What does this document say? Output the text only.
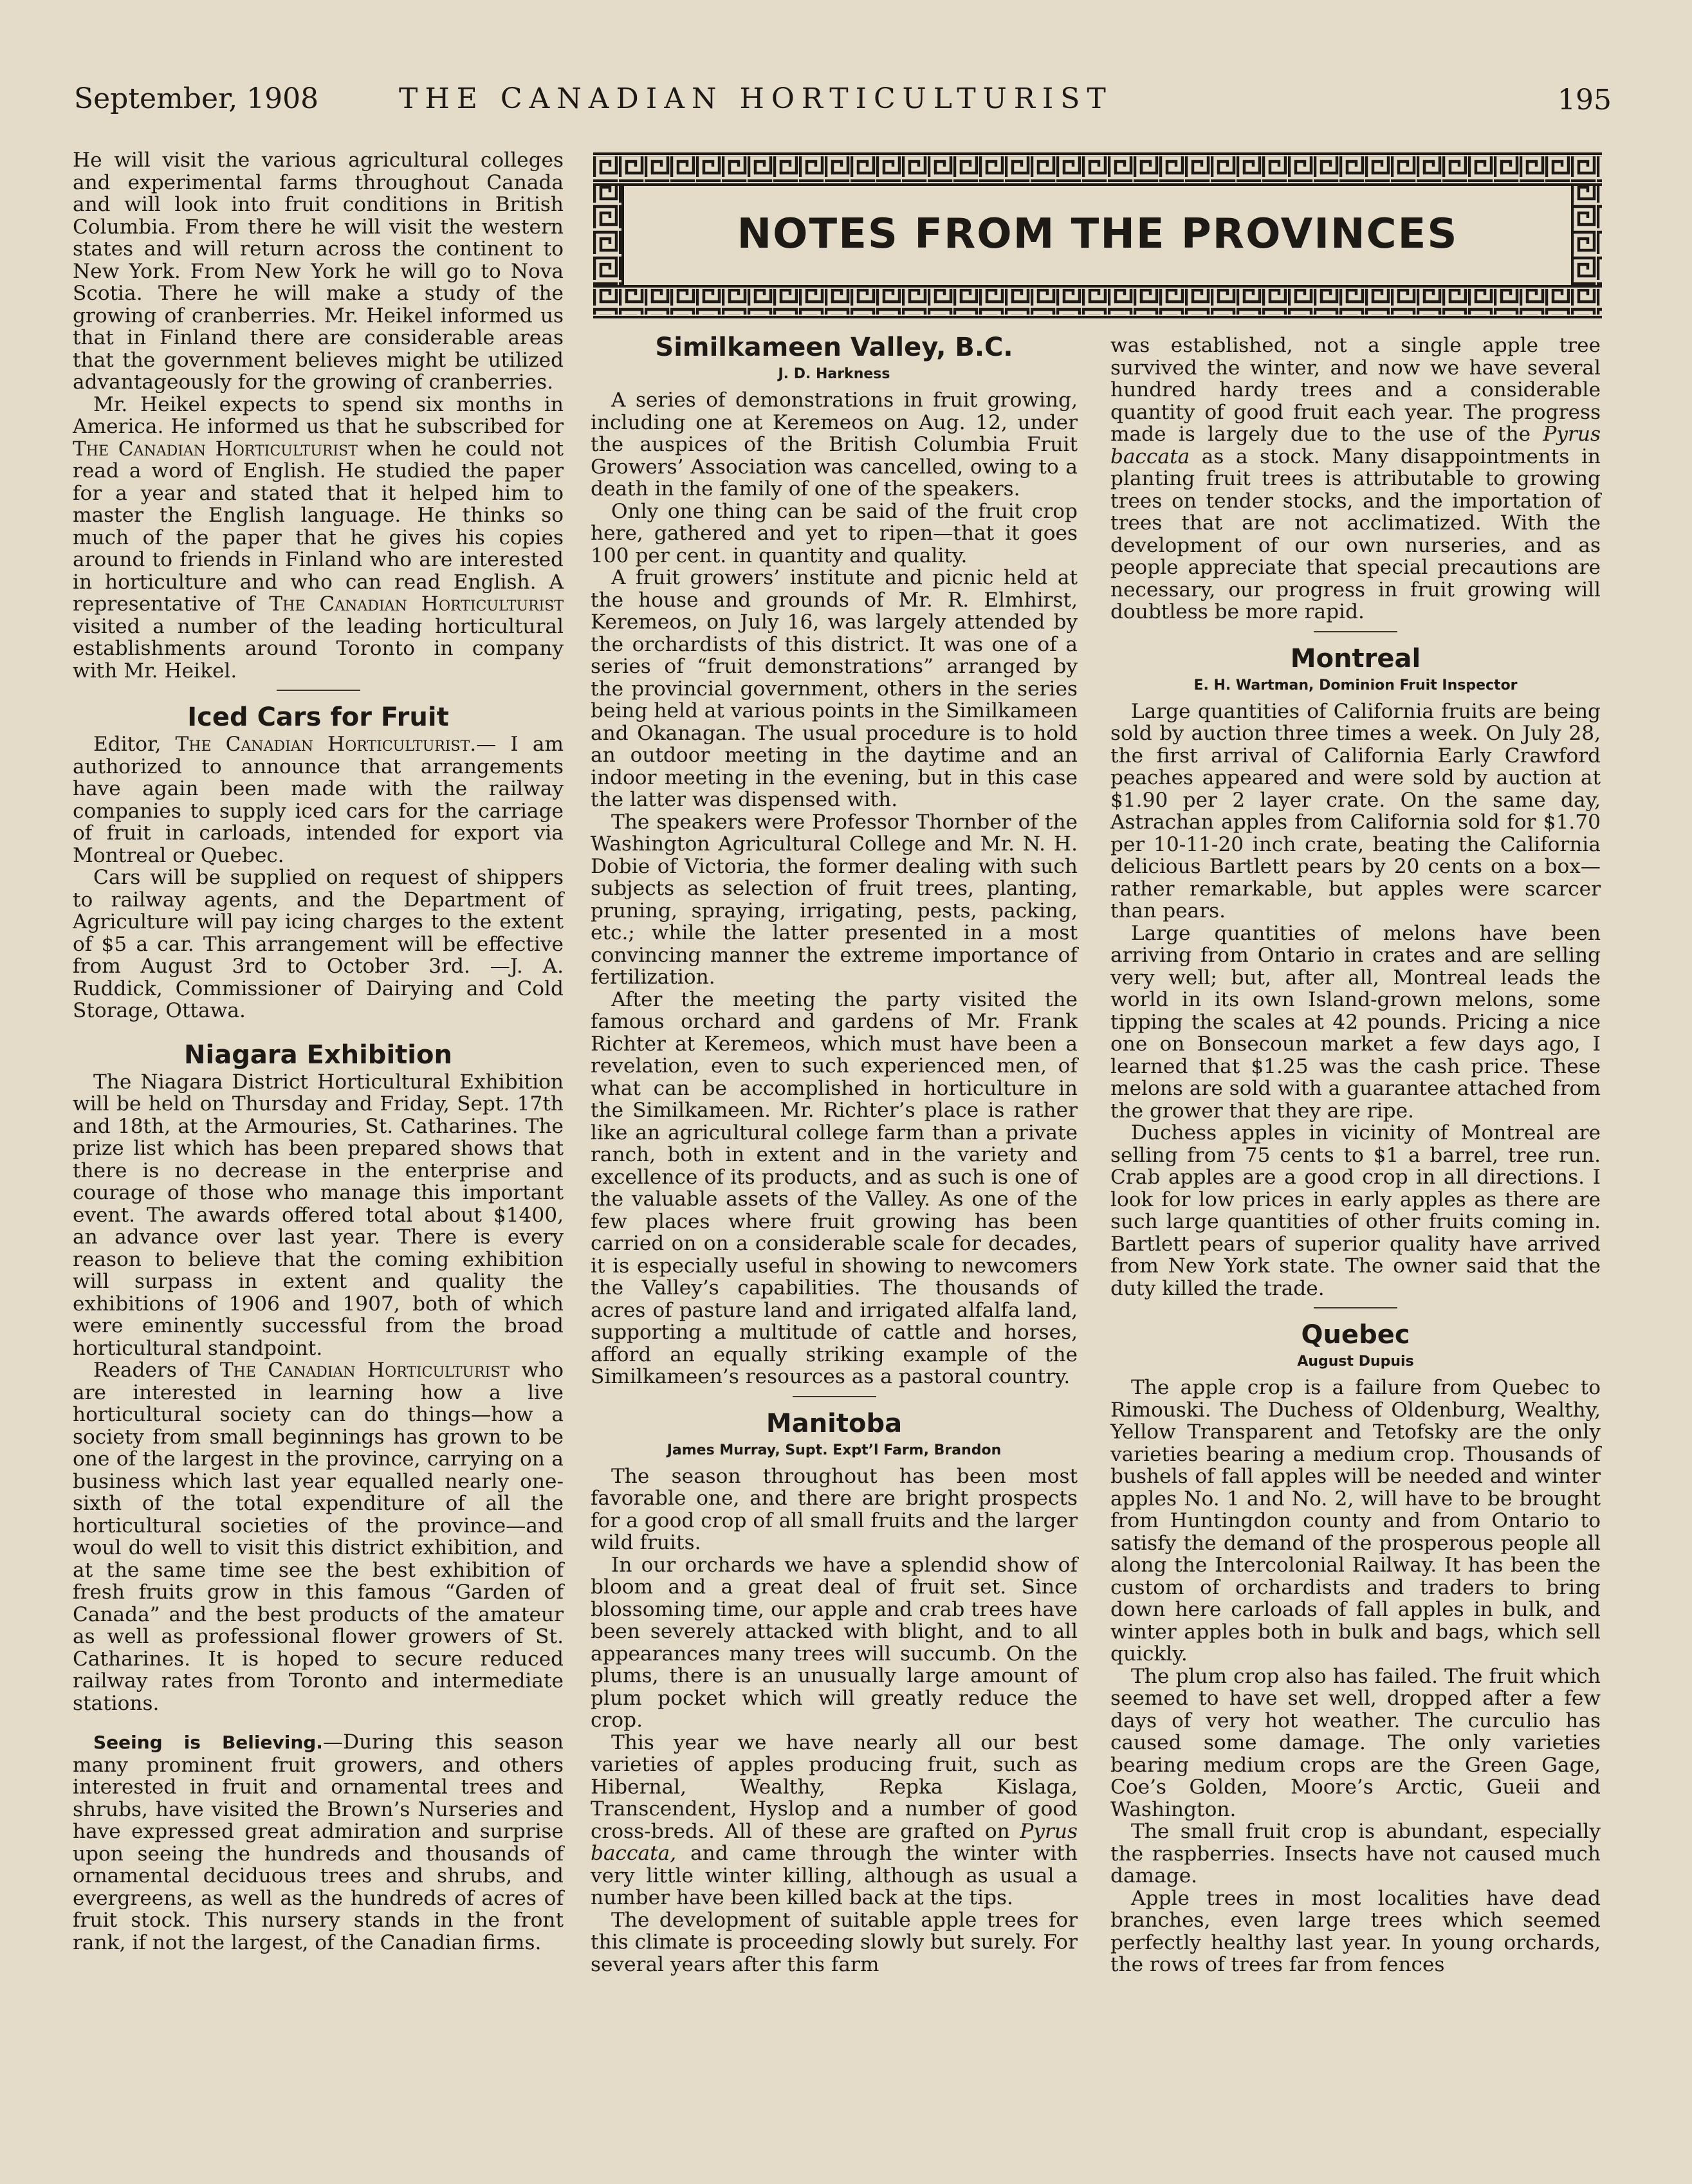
September, 1908	THE CANADIAN HORTICULTURIST	195

He will visit the various agricultural colleges and experimental farms throughout Canada and will look into fruit conditions in British Columbia. From there he will visit the western states and will return across the continent to New York. From New York he will go to Nova Scotia. There he will make a study of the growing of cranberries. Mr. Heikel informed us that in Finland there are considerable areas that the government believes might be utilized advantageously for the growing of cranberries.

Mr. Heikel expects to spend six months in America. He informed us that he subscribed for The Canadian Horticulturist when he could not read a word of English. He studied the paper for a year and stated that it helped him to master the English language. He thinks so much of the paper that he gives his copies around to friends in Finland who are interested in horticulture and who can read English. A representative of The Canadian Horticulturist visited a number of the leading horticultural establishments around Toronto in company with Mr. Heikel.

Iced Cars for Fruit

Editor, The Canadian Horticulturist.— I am authorized to announce that arrangements have again been made with the railway companies to supply iced cars for the carriage of fruit in carloads, intended for export via Montreal or Quebec.

Cars will be supplied on request of shippers to railway agents, and the Department of Agriculture will pay icing charges to the extent of $5 a car. This arrangement will be effective from August 3rd to October 3rd. —J. A. Ruddick, Commissioner of Dairying and Cold Storage, Ottawa.

Niagara Exhibition

The Niagara District Horticultural Exhibition will be held on Thursday and Friday, Sept. 17th and 18th, at the Armouries, St. Catharines. The prize list which has been prepared shows that there is no decrease in the enterprise and courage of those who manage this important event. The awards offered total about $1400, an advance over last year. There is every reason to believe that the coming exhibition will surpass in extent and quality the exhibitions of 1906 and 1907, both of which were eminently successful from the broad horticultural standpoint.

Readers of The Canadian Horticulturist who are interested in learning how a live horticultural society can do things—how a society from small beginnings has grown to be one of the largest in the province, carrying on a business which last year equalled nearly one-sixth of the total expenditure of all the horticultural societies of the province—and woul do well to visit this district exhibition, and at the same time see the best exhibition of fresh fruits grow in this famous “Garden of Canada” and the best products of the amateur as well as professional flower growers of St. Catharines. It is hoped to secure reduced railway rates from Toronto and intermediate stations.

Seeing is Believing.—During this season many prominent fruit growers, and others interested in fruit and ornamental trees and shrubs, have visited the Brown’s Nurseries and have expressed great admiration and surprise upon seeing the hundreds and thousands of ornamental deciduous trees and shrubs, and evergreens, as well as the hundreds of acres of fruit stock. This nursery stands in the front rank, if not the largest, of the Canadian firms.

NOTES FROM THE PROVINCES
Similkameen Valley, B.C.
J. D. Harkness

A series of demonstrations in fruit growing, including one at Keremeos on Aug. 12, under the auspices of the British Columbia Fruit Growers’ Association was cancelled, owing to a death in the family of one of the speakers.

Only one thing can be said of the fruit crop here, gathered and yet to ripen—that it goes 100 per cent. in quantity and quality.

A fruit growers’ institute and picnic held at the house and grounds of Mr. R. Elmhirst, Keremeos, on July 16, was largely attended by the orchardists of this district. It was one of a series of “fruit demonstrations” arranged by the provincial government, others in the series being held at various points in the Similkameen and Okanagan. The usual procedure is to hold an outdoor meeting in the daytime and an indoor meeting in the evening, but in this case the latter was dispensed with.

The speakers were Professor Thornber of the Washington Agricultural College and Mr. N. H. Dobie of Victoria, the former dealing with such subjects as selection of fruit trees, planting, pruning, spraying, irrigating, pests, packing, etc.; while the latter presented in a most convincing manner the extreme importance of fertilization.

After the meeting the party visited the famous orchard and gardens of Mr. Frank Richter at Keremeos, which must have been a revelation, even to such experienced men, of what can be accomplished in horticulture in the Similkameen. Mr. Richter’s place is rather like an agricultural college farm than a private ranch, both in extent and in the variety and excellence of its products, and as such is one of the valuable assets of the Valley. As one of the few places where fruit growing has been carried on on a considerable scale for decades, it is especially useful in showing to newcomers the Valley’s capabilities. The thousands of acres of pasture land and irrigated alfalfa land, supporting a multitude of cattle and horses, afford an equally striking example of the Similkameen’s resources as a pastoral country.

Manitoba
James Murray, Supt. Expt’l Farm, Brandon

The season throughout has been most favorable one, and there are bright prospects for a good crop of all small fruits and the larger wild fruits.

In our orchards we have a splendid show of bloom and a great deal of fruit set. Since blossoming time, our apple and crab trees have been severely attacked with blight, and to all appearances many trees will succumb. On the plums, there is an unusually large amount of plum pocket which will greatly reduce the crop.

This year we have nearly all our best varieties of apples producing fruit, such as Hibernal, Wealthy, Repka Kislaga, Transcendent, Hyslop and a number of good cross-breds. All of these are grafted on Pyrus baccata, and came through the winter with very little winter killing, although as usual a number have been killed back at the tips.

The development of suitable apple trees for this climate is proceeding slowly but surely. For several years after this farm

was established, not a single apple tree survived the winter, and now we have several hundred hardy trees and a considerable quantity of good fruit each year. The progress made is largely due to the use of the Pyrus baccata as a stock. Many disappointments in planting fruit trees is attributable to growing trees on tender stocks, and the importation of trees that are not acclimatized. With the development of our own nurseries, and as people appreciate that special precautions are necessary, our progress in fruit growing will doubtless be more rapid.

Montreal
E. H. Wartman, Dominion Fruit Inspector

Large quantities of California fruits are being sold by auction three times a week. On July 28, the first arrival of California Early Crawford peaches appeared and were sold by auction at $1.90 per 2 layer crate. On the same day, Astrachan apples from California sold for $1.70 per 10-11-20 inch crate, beating the California delicious Bartlett pears by 20 cents on a box—rather remarkable, but apples were scarcer than pears.

Large quantities of melons have been arriving from Ontario in crates and are selling very well; but, after all, Montreal leads the world in its own Island-grown melons, some tipping the scales at 42 pounds. Pricing a nice one on Bonsecoun market a few days ago, I learned that $1.25 was the cash price. These melons are sold with a guarantee attached from the grower that they are ripe.

Duchess apples in vicinity of Montreal are selling from 75 cents to $1 a barrel, tree run. Crab apples are a good crop in all directions. I look for low prices in early apples as there are such large quantities of other fruits coming in. Bartlett pears of superior quality have arrived from New York state. The owner said that the duty killed the trade.

Quebec
August Dupuis

The apple crop is a failure from Quebec to Rimouski. The Duchess of Oldenburg, Wealthy, Yellow Transparent and Tetofsky are the only varieties bearing a medium crop. Thousands of bushels of fall apples will be needed and winter apples No. 1 and No. 2, will have to be brought from Huntingdon county and from Ontario to satisfy the demand of the prosperous people all along the Intercolonial Railway. It has been the custom of orchardists and traders to bring down here carloads of fall apples in bulk, and winter apples both in bulk and bags, which sell quickly.

The plum crop also has failed. The fruit which seemed to have set well, dropped after a few days of very hot weather. The curculio has caused some damage. The only varieties bearing medium crops are the Green Gage, Coe’s Golden, Moore’s Arctic, Gueii and Washington.

The small fruit crop is abundant, especially the raspberries. Insects have not caused much damage.

Apple trees in most localities have dead branches, even large trees which seemed perfectly healthy last year. In young orchards, the rows of trees far from fences
